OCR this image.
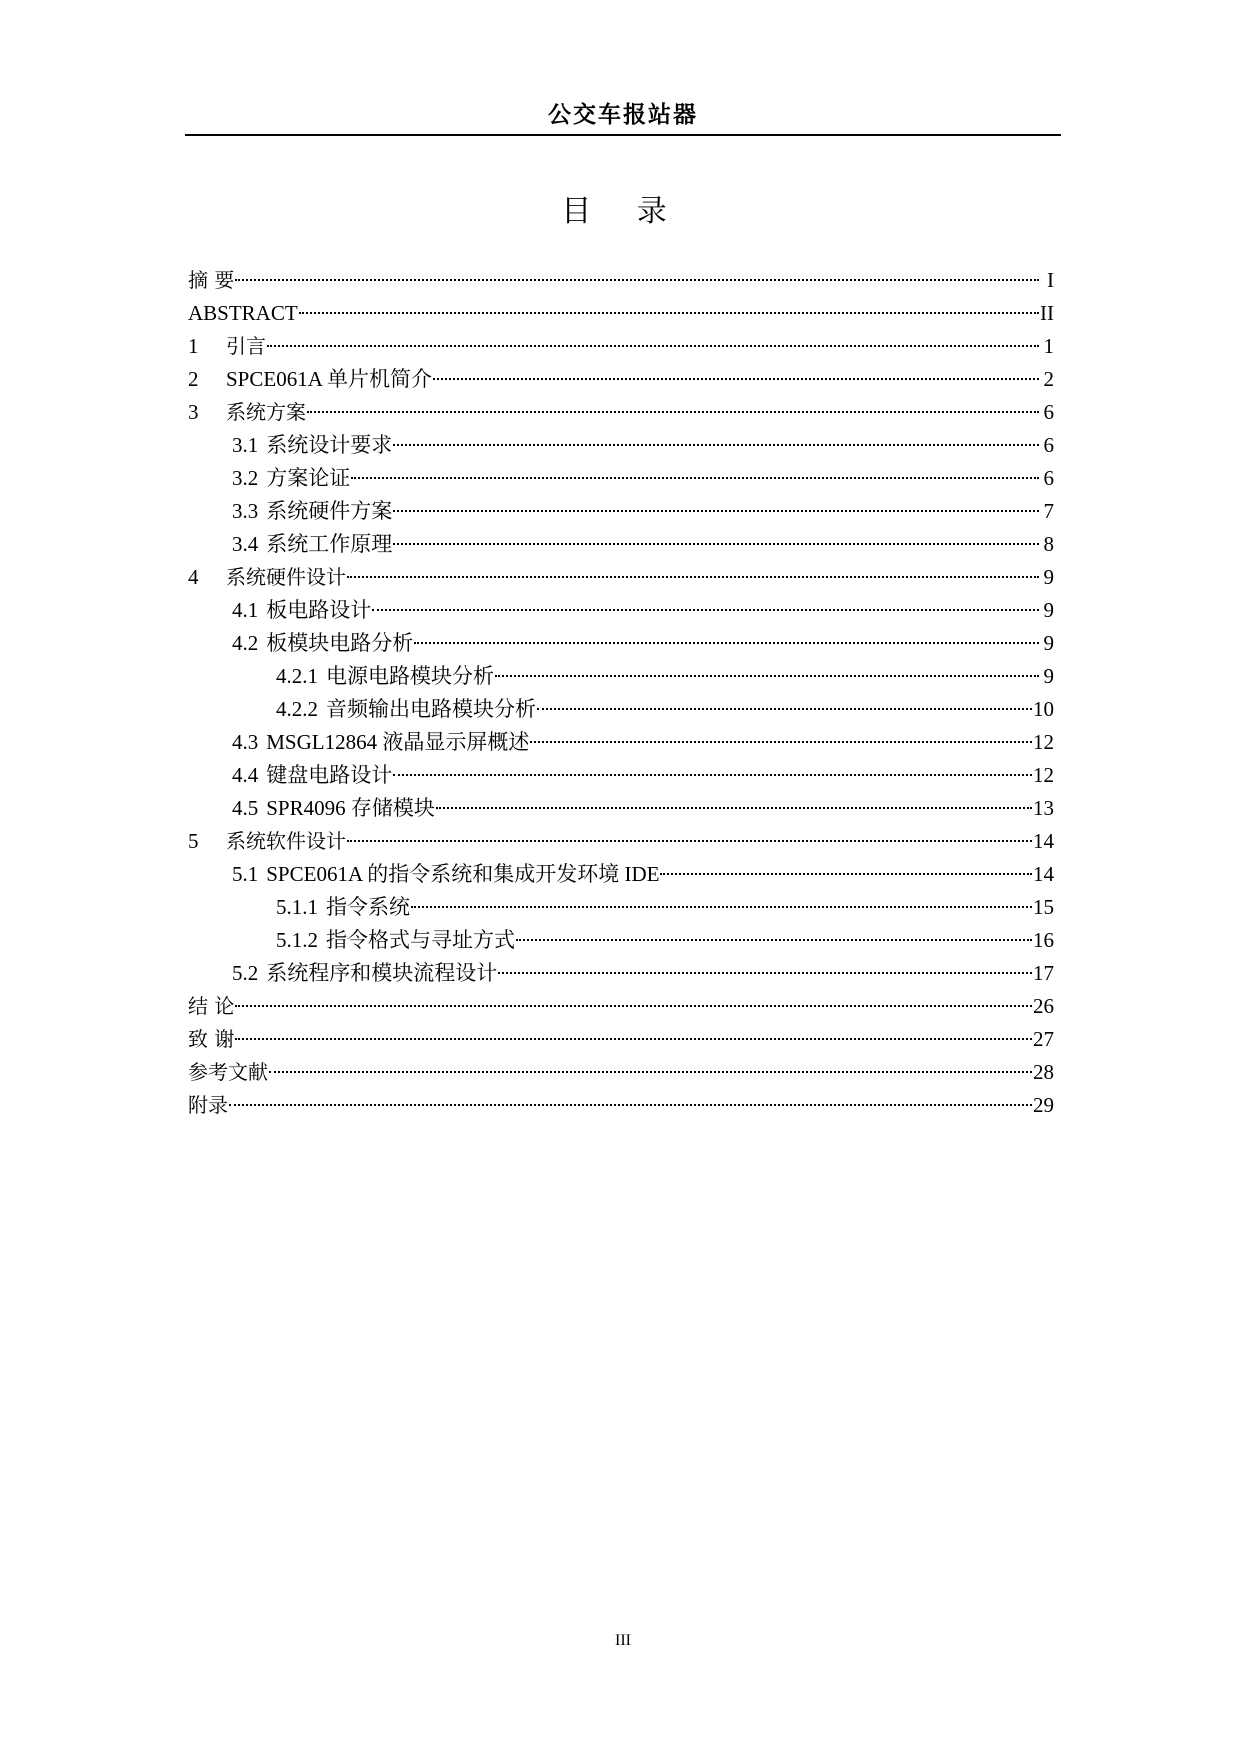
公交车报站器
目 录
摘 要	I
ABSTRACT	II
1	引言	1
2	SPCE061A 单片机简介	2
3	系统方案	6
3.1 系统设计要求	6
3.2 方案论证	6
3.3 系统硬件方案	7
3.4 系统工作原理	8
4	系统硬件设计	9
4.1 板电路设计	9
4.2 板模块电路分析	9
4.2.1 电源电路模块分析	9
4.2.2 音频输出电路模块分析	10
4.3 MSGL12864 液晶显示屏概述	12
4.4 键盘电路设计	12
4.5 SPR4096 存储模块	13
5	系统软件设计	14
5.1 SPCE061A 的指令系统和集成开发环境 IDE	14
5.1.1 指令系统	15
5.1.2 指令格式与寻址方式	16
5.2 系统程序和模块流程设计	17
结 论	26
致 谢	27
参考文献	28
附录	29
III
